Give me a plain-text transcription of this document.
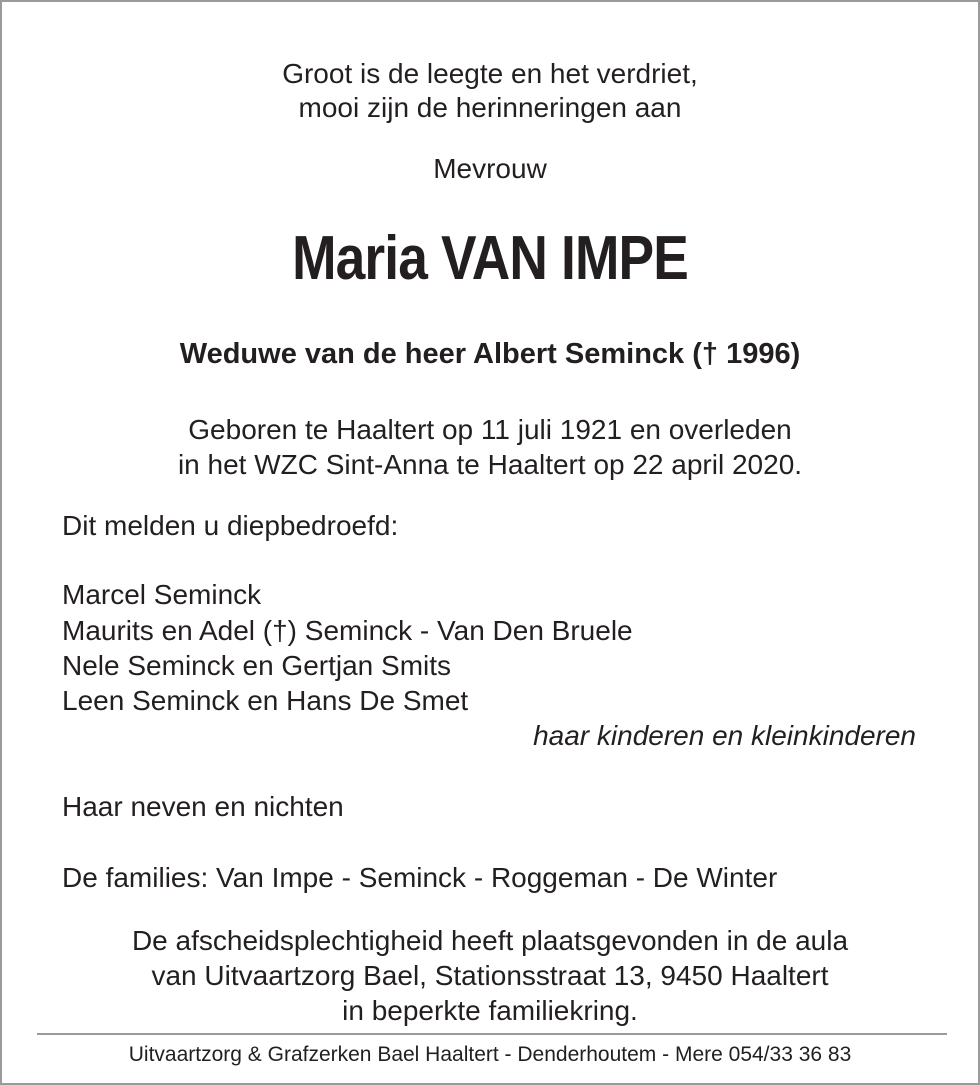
Groot is de leegte en het verdriet,
mooi zijn de herinneringen aan
Mevrouw
Maria VAN IMPE
Weduwe van de heer Albert Seminck († 1996)
Geboren te Haaltert op 11 juli 1921 en overleden
in het WZC Sint-Anna te Haaltert op 22 april 2020.
Dit melden u diepbedroefd:
Marcel Seminck
Maurits en Adel (†) Seminck - Van Den Bruele
Nele Seminck en Gertjan Smits
Leen Seminck en Hans De Smet
haar kinderen en kleinkinderen
Haar neven en nichten
De families: Van Impe - Seminck - Roggeman - De Winter
De afscheidsplechtigheid heeft plaatsgevonden in de aula
van Uitvaartzorg Bael, Stationsstraat 13, 9450 Haaltert
in beperkte familiekring.
Uitvaartzorg & Grafzerken Bael Haaltert - Denderhoutem - Mere 054/33 36 83
